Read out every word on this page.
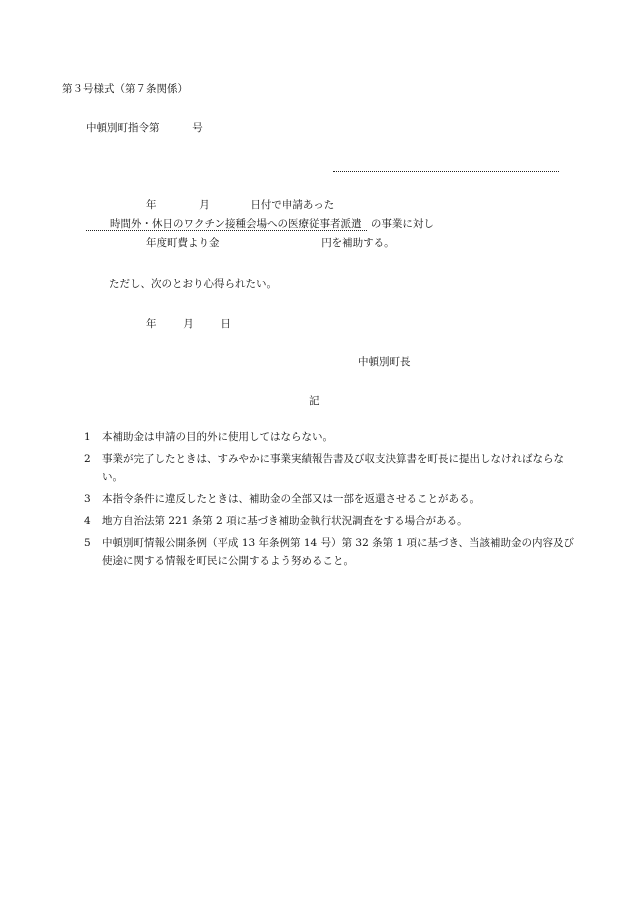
第３号様式（第７条関係）
中頓別町指令第	号
年	月	日付で申請あった
時間外・休日のワクチン接種会場への医療従事者派遣 の事業に対し
年度町費より金	円を補助する。
ただし、次のとおり心得られたい。
年	月	日
中頓別町長
記
1	本補助金は申請の目的外に使用してはならない。
2	事業が完了したときは、すみやかに事業実績報告書及び収支決算書を町長に提出しなければならない。
3	本指令条件に違反したときは、補助金の全部又は一部を返還させることがある。
4	地方自治法第 221 条第 2 項に基づき補助金執行状況調査をする場合がある。
5	中頓別町情報公開条例（平成 13 年条例第 14 号）第 32 条第 1 項に基づき、当該補助金の内容及び使途に関する情報を町民に公開するよう努めること。
